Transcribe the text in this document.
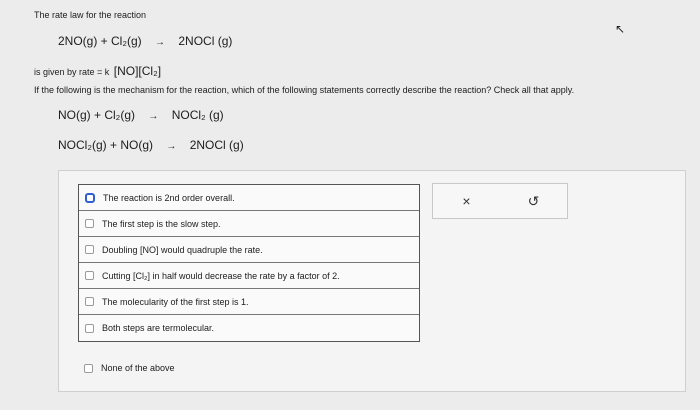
The rate law for the reaction
2NO(g) + Cl₂(g) → 2NOCl (g)
is given by rate = k [NO][Cl₂]
If the following is the mechanism for the reaction, which of the following statements correctly describe the reaction? Check all that apply.
NO(g) + Cl₂(g) → NOCl₂ (g)
NOCl₂(g) + NO(g) → 2NOCl (g)
The reaction is 2nd order overall.
The first step is the slow step.
Doubling [NO] would quadruple the rate.
Cutting [Cl₂] in half would decrease the rate by a factor of 2.
The molecularity of the first step is 1.
Both steps are termolecular.
None of the above
×	↺
↖
